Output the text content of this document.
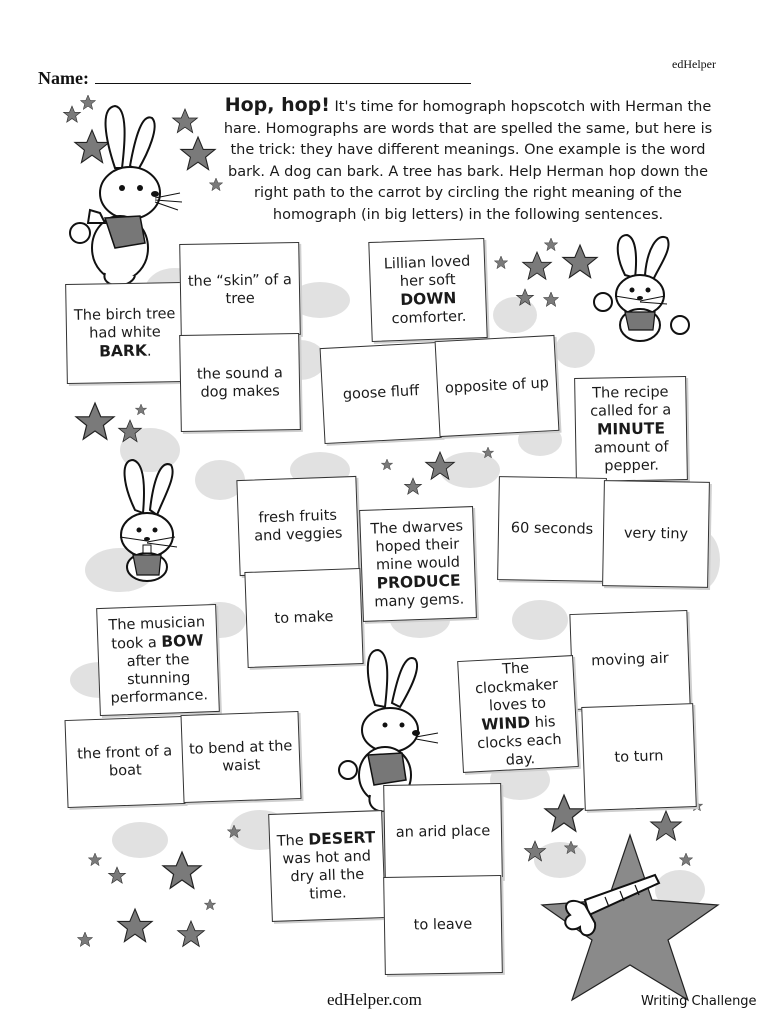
edHelper
Name:
Hop, hop! It's time for homograph hopscotch with Herman the hare. Homographs are words that are spelled the same, but here is the trick: they have different meanings. One example is the word bark. A dog can bark. A tree has bark. Help Herman hop down the right path to the carrot by circling the right meaning of the homograph (in big letters) in the following sentences.
The birch tree had white BARK.
the “skin” of a tree
the sound a dog makes
Lillian loved her soft DOWN comforter.
goose fluff	opposite of up	The recipe called for a MINUTE amount of pepper.
60 seconds	very tiny
fresh fruits and veggies
to make
The dwarves hoped their mine would PRODUCE many gems.
The musician took a BOW after the stunning performance.
the front of a boat
to bend at the waist
moving air
The clockmaker loves to WIND his clocks each day.	to turn
The DESERT was hot and dry all the time.
an arid place
to leave
edHelper.com	Writing Challenge
